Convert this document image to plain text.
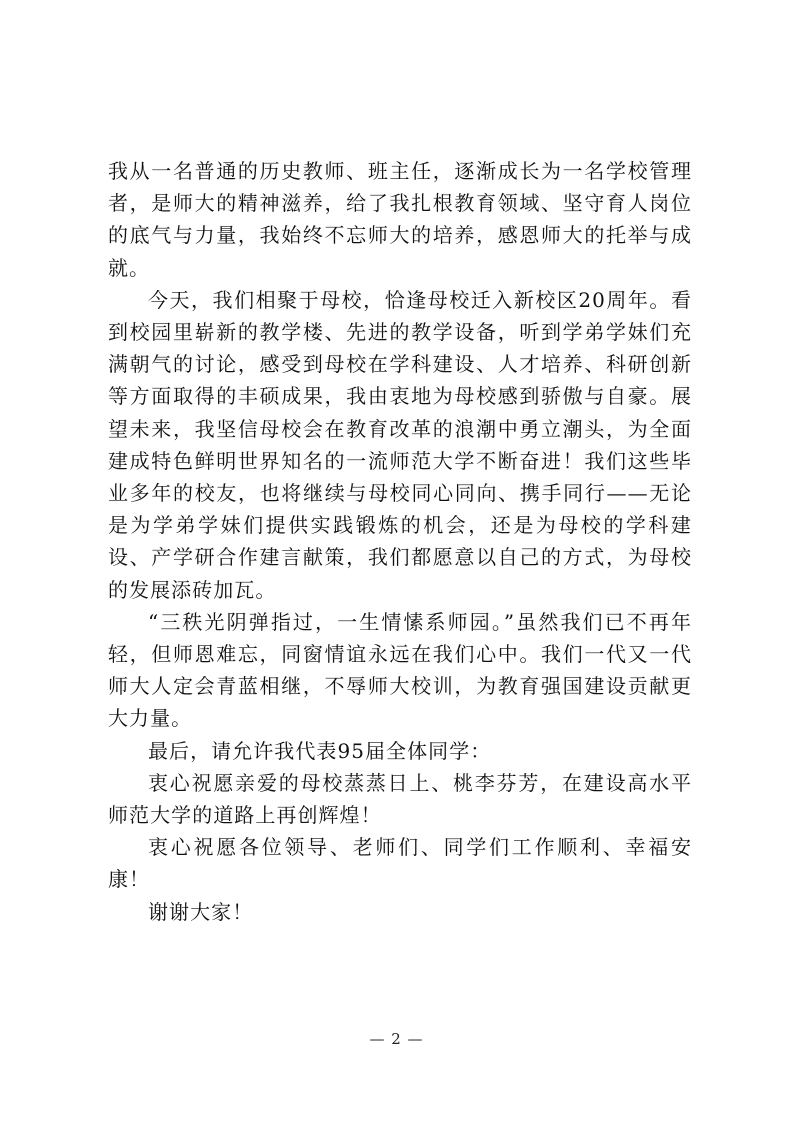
我从一名普通的历史教师、班主任，逐渐成长为一名学校管理者，是师大的精神滋养，给了我扎根教育领域、坚守育人岗位的底气与力量，我始终不忘师大的培养，感恩师大的托举与成就。

今天，我们相聚于母校，恰逢母校迁入新校区20周年。看到校园里崭新的教学楼、先进的教学设备，听到学弟学妹们充满朝气的讨论，感受到母校在学科建设、人才培养、科研创新等方面取得的丰硕成果，我由衷地为母校感到骄傲与自豪。展望未来，我坚信母校会在教育改革的浪潮中勇立潮头，为全面建成特色鲜明世界知名的一流师范大学不断奋进！我们这些毕业多年的校友，也将继续与母校同心同向、携手同行——无论是为学弟学妹们提供实践锻炼的机会，还是为母校的学科建设、产学研合作建言献策，我们都愿意以自己的方式，为母校的发展添砖加瓦。

“三秩光阴弹指过，一生情愫系师园。”虽然我们已不再年轻，但师恩难忘，同窗情谊永远在我们心中。我们一代又一代师大人定会青蓝相继，不辱师大校训，为教育强国建设贡献更大力量。

最后，请允许我代表95届全体同学：

衷心祝愿亲爱的母校蒸蒸日上、桃李芬芳，在建设高水平师范大学的道路上再创辉煌！

衷心祝愿各位领导、老师们、同学们工作顺利、幸福安康！

谢谢大家！

— 2 —
